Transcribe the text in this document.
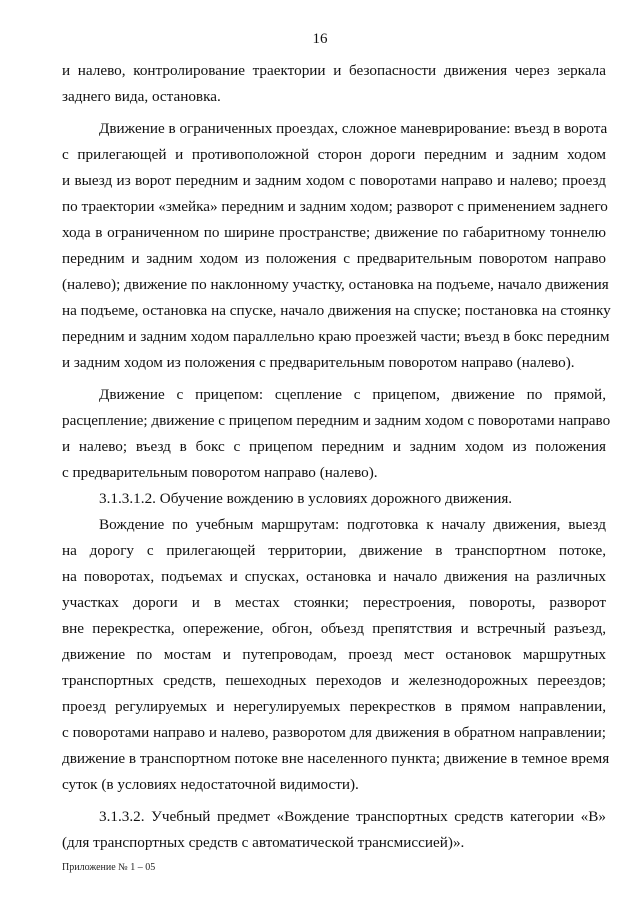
16
и налево, контролирование траектории и безопасности движения через зеркала
заднего вида, остановка.
Движение в ограниченных проездах, сложное маневрирование: въезд в ворота
с прилегающей и противоположной сторон дороги передним и задним ходом
и выезд из ворот передним и задним ходом с поворотами направо и налево; проезд
по траектории «змейка» передним и задним ходом; разворот с применением заднего
хода в ограниченном по ширине пространстве; движение по габаритному тоннелю
передним и задним ходом из положения с предварительным поворотом направо
(налево); движение по наклонному участку, остановка на подъеме, начало движения
на подъеме, остановка на спуске, начало движения на спуске; постановка на стоянку
передним и задним ходом параллельно краю проезжей части; въезд в бокс передним
и задним ходом из положения с предварительным поворотом направо (налево).
Движение с прицепом: сцепление с прицепом, движение по прямой,
расцепление; движение с прицепом передним и задним ходом с поворотами направо
и налево; въезд в бокс с прицепом передним и задним ходом из положения
с предварительным поворотом направо (налево).
3.1.3.1.2. Обучение вождению в условиях дорожного движения.
Вождение по учебным маршрутам: подготовка к началу движения, выезд
на дорогу с прилегающей территории, движение в транспортном потоке,
на поворотах, подъемах и спусках, остановка и начало движения на различных
участках дороги и в местах стоянки; перестроения, повороты, разворот
вне перекрестка, опережение, обгон, объезд препятствия и встречный разъезд,
движение по мостам и путепроводам, проезд мест остановок маршрутных
транспортных средств, пешеходных переходов и железнодорожных переездов;
проезд регулируемых и нерегулируемых перекрестков в прямом направлении,
с поворотами направо и налево, разворотом для движения в обратном направлении;
движение в транспортном потоке вне населенного пункта; движение в темное время
суток (в условиях недостаточной видимости).
3.1.3.2. Учебный предмет «Вождение транспортных средств категории «В»
(для транспортных средств с автоматической трансмиссией)».
Приложение № 1 – 05
